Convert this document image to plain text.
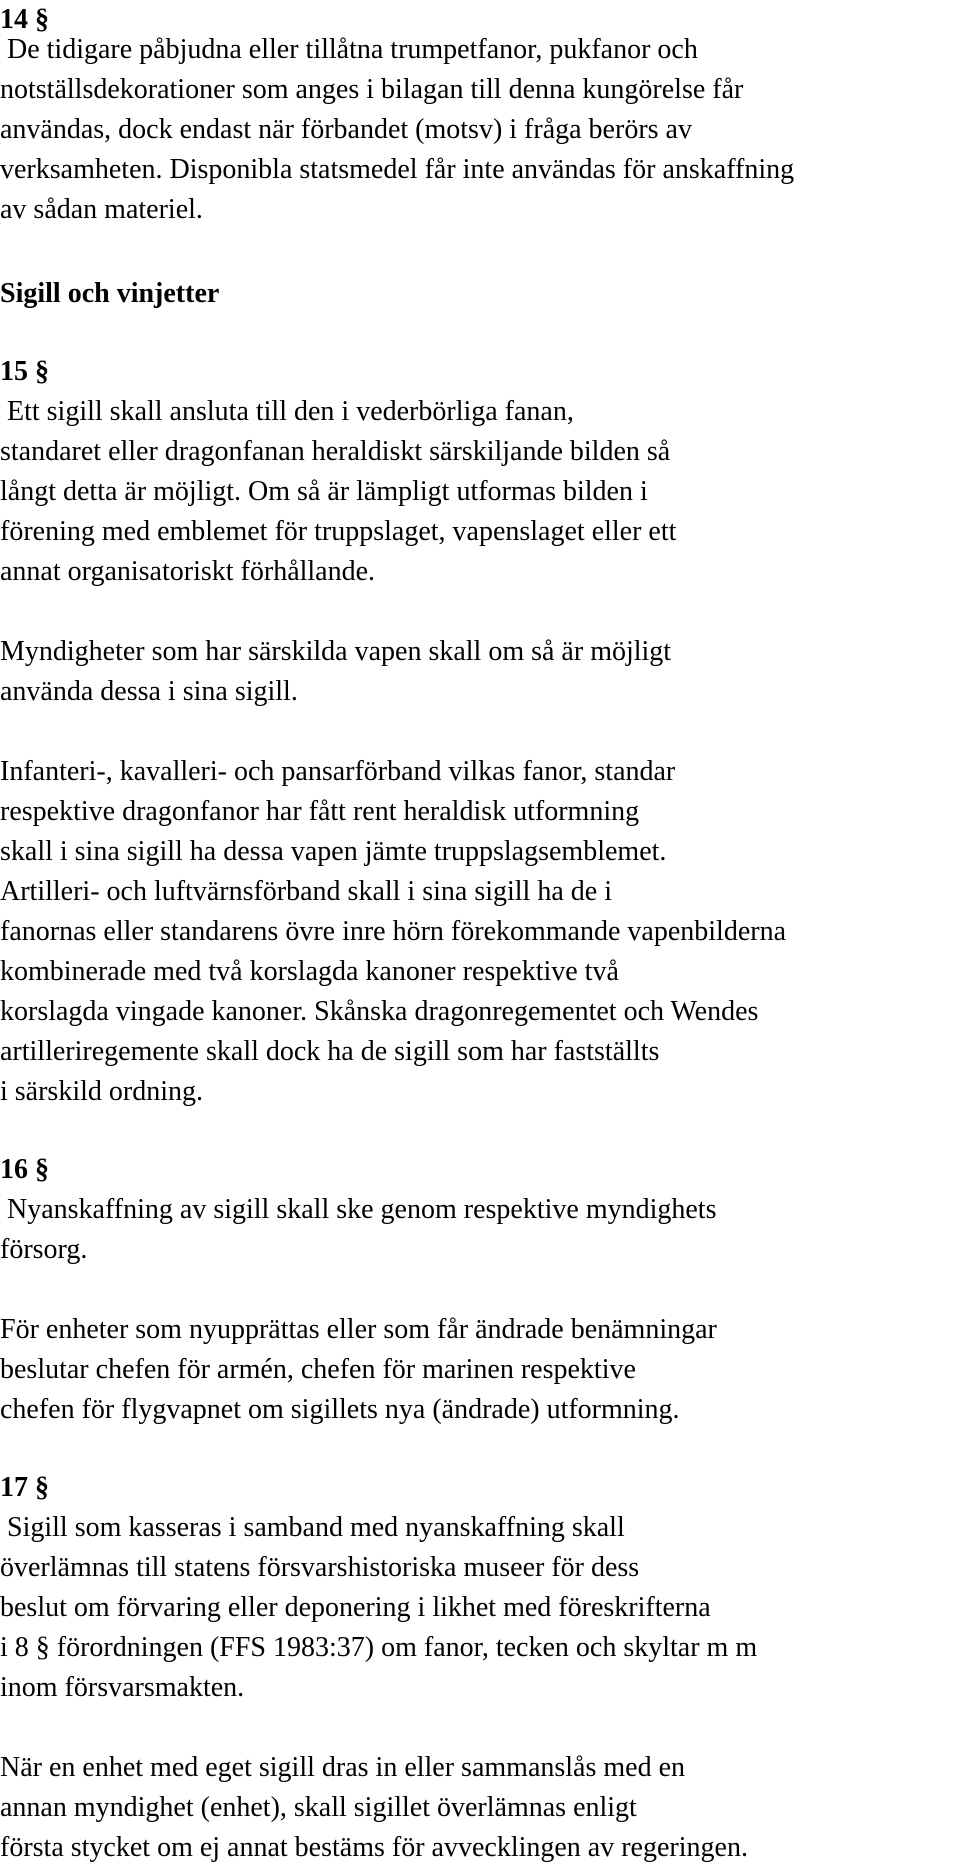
14 §

De tidigare påbjudna eller tillåtna trumpetfanor, pukfanor och

notställsdekorationer som anges i bilagan till denna kungörelse får

användas, dock endast när förbandet (motsv) i fråga berörs av

verksamheten. Disponibla statsmedel får inte användas för anskaffning

av sådan materiel.

Sigill och vinjetter

15 §

Ett sigill skall ansluta till den i vederbörliga fanan,

standaret eller dragonfanan heraldiskt särskiljande bilden så

långt detta är möjligt. Om så är lämpligt utformas bilden i

förening med emblemet för truppslaget, vapenslaget eller ett

annat organisatoriskt förhållande.

Myndigheter som har särskilda vapen skall om så är möjligt

använda dessa i sina sigill.

Infanteri-, kavalleri- och pansarförband vilkas fanor, standar

respektive dragonfanor har fått rent heraldisk utformning

skall i sina sigill ha dessa vapen jämte truppslagsemblemet.

Artilleri- och luftvärnsförband skall i sina sigill ha de i

fanornas eller standarens övre inre hörn förekommande vapenbilderna

kombinerade med två korslagda kanoner respektive två

korslagda vingade kanoner. Skånska dragonregementet och Wendes

artilleriregemente skall dock ha de sigill som har fastställts

i särskild ordning.

16 §

Nyanskaffning av sigill skall ske genom respektive myndighets

försorg.

För enheter som nyupprättas eller som får ändrade benämningar

beslutar chefen för armén, chefen för marinen respektive

chefen för flygvapnet om sigillets nya (ändrade) utformning.

17 §

Sigill som kasseras i samband med nyanskaffning skall

överlämnas till statens försvarshistoriska museer för dess

beslut om förvaring eller deponering i likhet med föreskrifterna

i 8 § förordningen (FFS 1983:37) om fanor, tecken och skyltar m m

inom försvarsmakten.

När en enhet med eget sigill dras in eller sammanslås med en

annan myndighet (enhet), skall sigillet överlämnas enligt

första stycket om ej annat bestäms för avvecklingen av regeringen.
